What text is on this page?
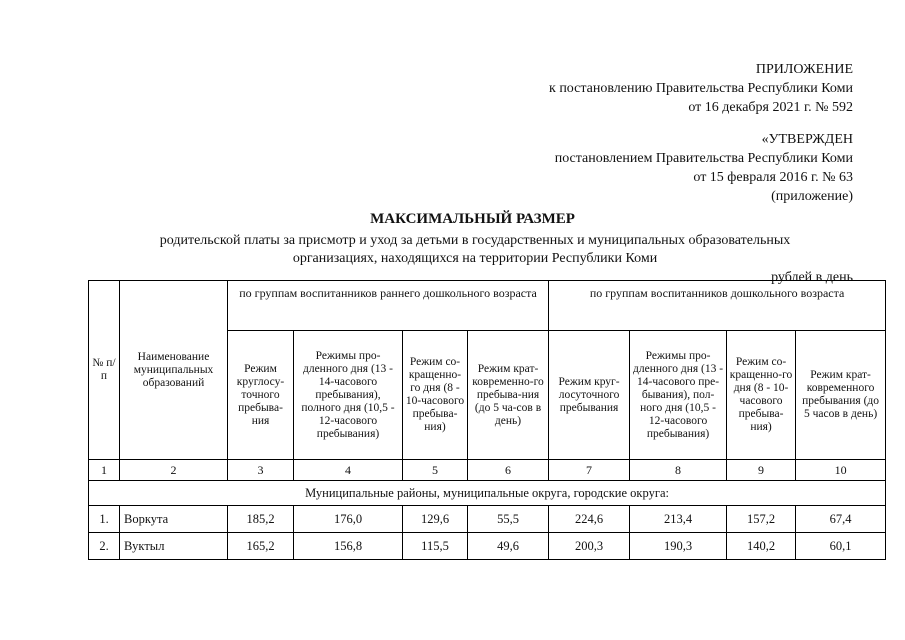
ПРИЛОЖЕНИЕ
к постановлению Правительства Республики Коми
от 16 декабря 2021 г. № 592
«УТВЕРЖДЕН
постановлением Правительства Республики Коми
от 15 февраля 2016 г. № 63
(приложение)
МАКСИМАЛЬНЫЙ РАЗМЕР
родительской платы за присмотр и уход за детьми в государственных и муниципальных образовательных
организациях, находящихся на территории Республики Коми
рублей в день
№ п/п	Наименование муниципальных образований	по группам воспитанников раннего дошкольного возраста				по группам воспитанников дошкольного возраста			
		Режим круглосу-точного пребыва-ния	Режимы про-дленного дня (13 - 14-часового пребывания), полного дня (10,5 - 12-часового пребывания)	Режим со-кращенно-го дня (8 - 10-часового пребыва-ния)	Режим крат-ковременно-го пребыва-ния (до 5 ча-сов в день)	Режим круг-лосуточного пребывания	Режимы про-дленного дня (13 - 14-часового пре-бывания), пол-ного дня (10,5 - 12-часового пребывания)	Режим со-кращенно-го дня (8 - 10-часового пребыва-ния)	Режим крат-ковременного пребывания (до 5 часов в день)
1	2	3	4	5	6	7	8	9	10
Муниципальные районы, муниципальные округа, городские округа:									
1.	Воркута	185,2	176,0	129,6	55,5	224,6	213,4	157,2	67,4
2.	Вуктыл	165,2	156,8	115,5	49,6	200,3	190,3	140,2	60,1
